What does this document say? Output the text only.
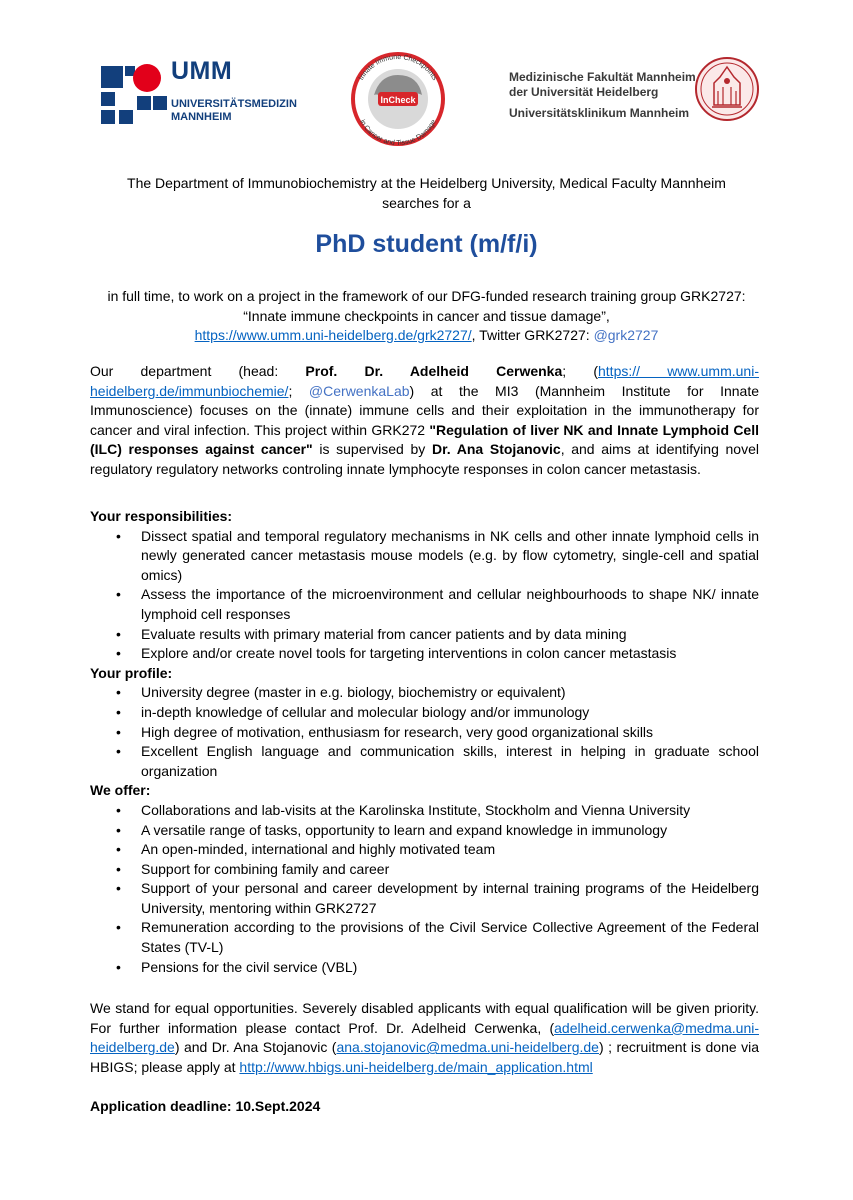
UMM
UNIVERSITÄTSMEDIZIN
MANNHEIM
InCheck
Innate Immune Checkpoints
in Cancer and Tissue Damage
Medizinische Fakultät Mannheim
der Universität Heidelberg
Universitätsklinikum Mannheim
The Department of Immunobiochemistry at the Heidelberg University, Medical Faculty Mannheim
searches for a
PhD student (m/f/i)
in full time, to work on a project in the framework of our DFG-funded research training group GRK2727:
“Innate immune checkpoints in cancer and tissue damage”,
https://www.umm.uni-heidelberg.de/grk2727/, Twitter GRK2727: @grk2727
Our department (head: Prof. Dr. Adelheid Cerwenka; (https:// www.umm.uni-heidelberg.de/immunbiochemie/; @CerwenkaLab) at the MI3 (Mannheim Institute for Innate Immunoscience) focuses on the (innate) immune cells and their exploitation in the immunotherapy for cancer and viral infection. This project within GRK272 "Regulation of liver NK and Innate Lymphoid Cell (ILC) responses against cancer" is supervised by Dr. Ana Stojanovic, and aims at identifying novel regulatory regulatory networks controling innate lymphocyte responses in colon cancer metastasis.
Your responsibilities:
• Dissect spatial and temporal regulatory mechanisms in NK cells and other innate lymphoid cells in newly generated cancer metastasis mouse models (e.g. by flow cytometry, single-cell and spatial omics)
• Assess the importance of the microenvironment and cellular neighbourhoods to shape NK/ innate lymphoid cell responses
• Evaluate results with primary material from cancer patients and by data mining
• Explore and/or create novel tools for targeting interventions in colon cancer metastasis
Your profile:
• University degree (master in e.g. biology, biochemistry or equivalent)
• in-depth knowledge of cellular and molecular biology and/or immunology
• High degree of motivation, enthusiasm for research, very good organizational skills
• Excellent English language and communication skills, interest in helping in graduate school organization
We offer:
• Collaborations and lab-visits at the Karolinska Institute, Stockholm and Vienna University
• A versatile range of tasks, opportunity to learn and expand knowledge in immunology
• An open-minded, international and highly motivated team
• Support for combining family and career
• Support of your personal and career development by internal training programs of the Heidelberg University, mentoring within GRK2727
• Remuneration according to the provisions of the Civil Service Collective Agreement of the Federal States (TV-L)
• Pensions for the civil service (VBL)
We stand for equal opportunities. Severely disabled applicants with equal qualification will be given priority. For further information please contact Prof. Dr. Adelheid Cerwenka, (adelheid.cerwenka@medma.uni-heidelberg.de) and Dr. Ana Stojanovic (ana.stojanovic@medma.uni-heidelberg.de) ; recruitment is done via HBIGS; please apply at http://www.hbigs.uni-heidelberg.de/main_application.html
Application deadline: 10.Sept.2024
